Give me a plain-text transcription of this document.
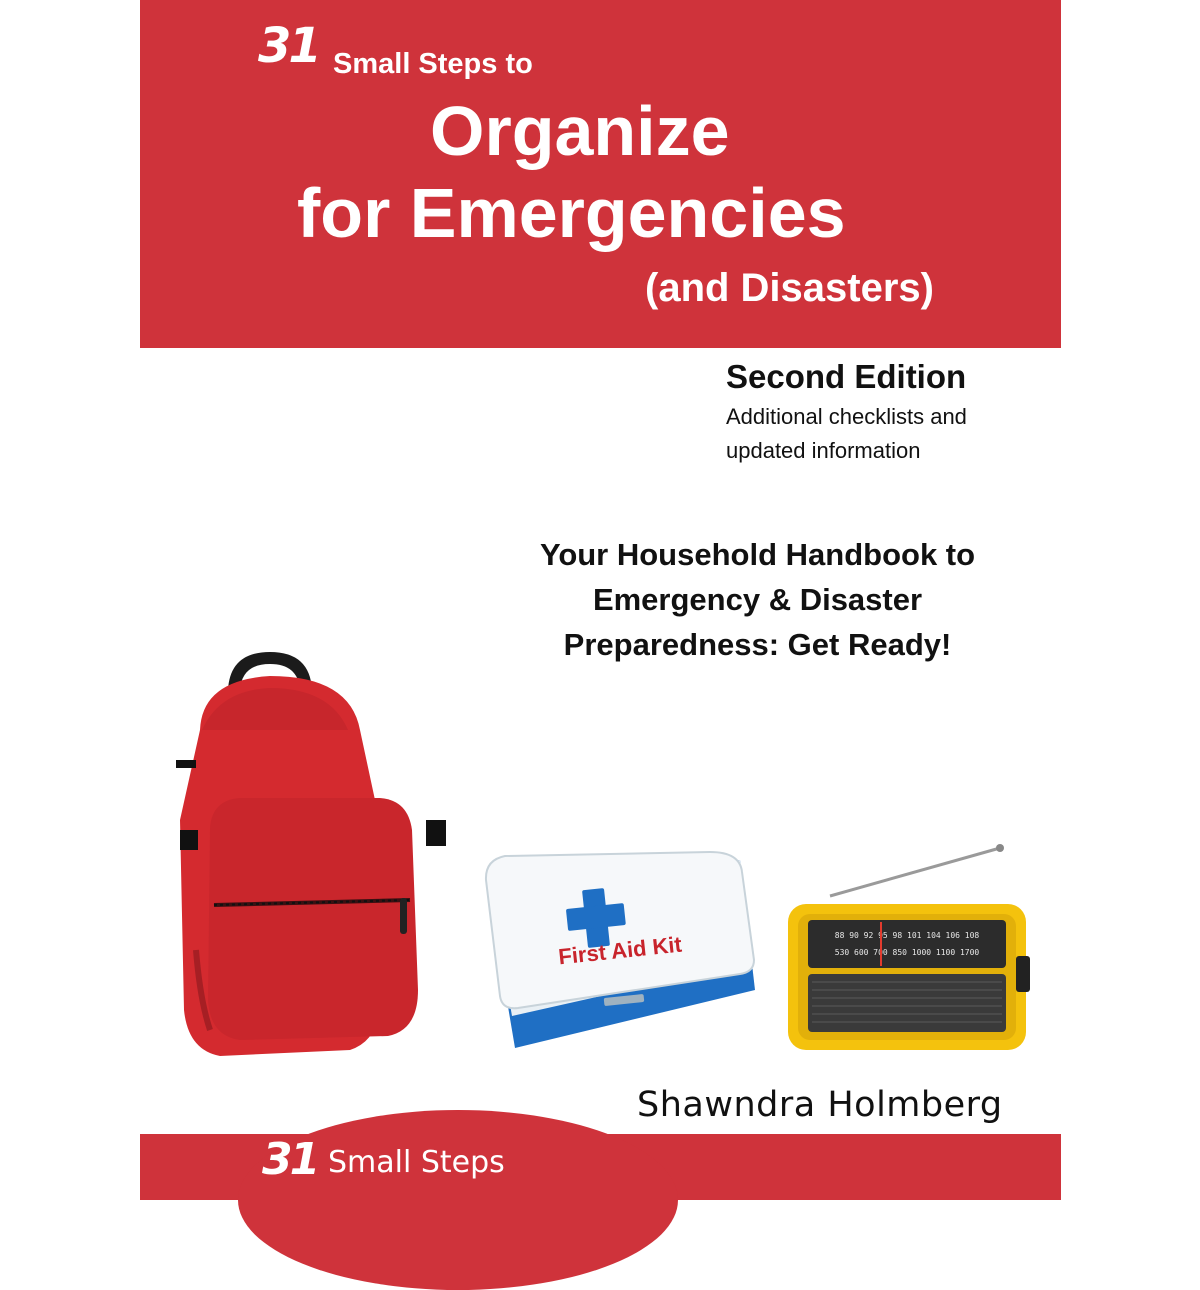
31 Small Steps to
Organize
for Emergencies
(and Disasters)
Second Edition
Additional checklists and
updated information
Your Household Handbook to
Emergency & Disaster
Preparedness: Get Ready!
First Aid Kit	88 90 92 95 98 101 104 106 108
530 600 700 850 1000 1100 1700
Shawndra Holmberg
31 Small Steps
